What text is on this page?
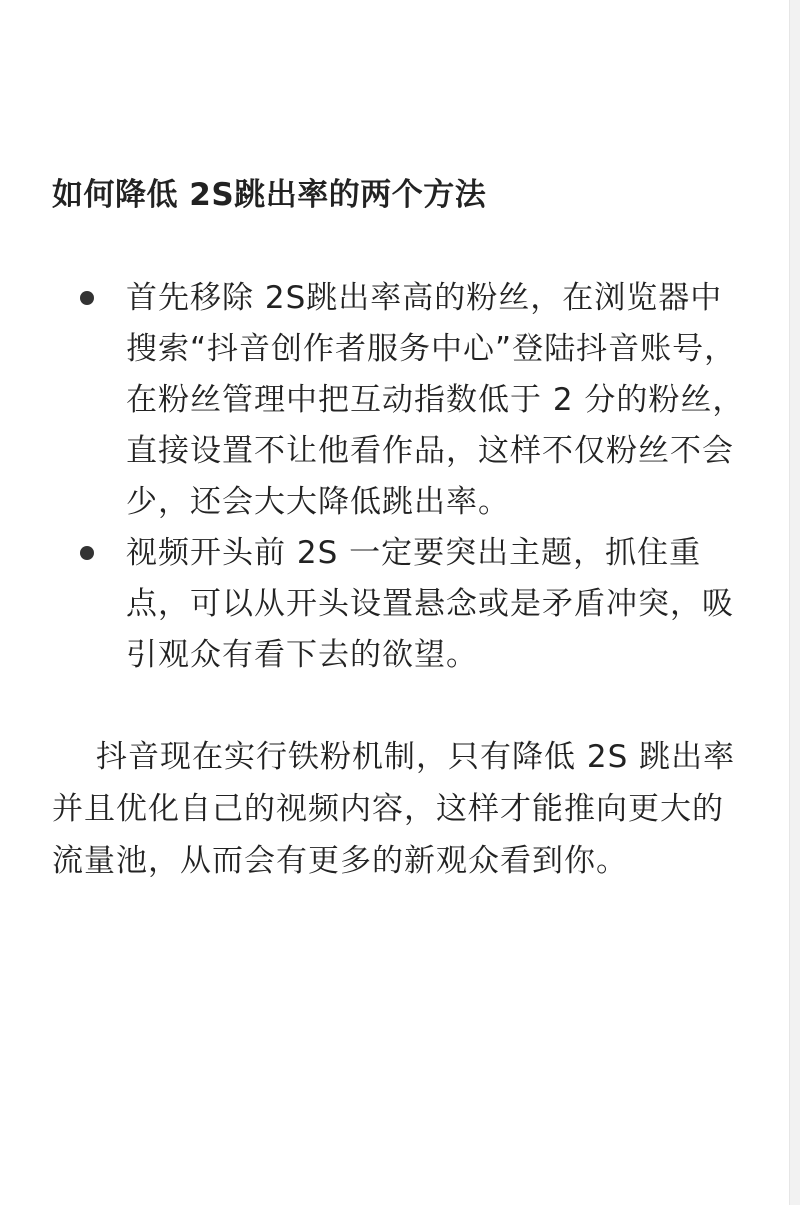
如何降低 2S跳出率的两个方法
首先移除 2S跳出率高的粉丝，在浏览器中搜索“抖音创作者服务中心”登陆抖音账号，在粉丝管理中把互动指数低于 2 分的粉丝，直接设置不让他看作品，这样不仅粉丝不会少，还会大大降低跳出率。
视频开头前 2S 一定要突出主题，抓住重点，可以从开头设置悬念或是矛盾冲突，吸引观众有看下去的欲望。

抖音现在实行铁粉机制，只有降低 2S 跳出率并且优化自己的视频内容，这样才能推向更大的流量池，从而会有更多的新观众看到你。
